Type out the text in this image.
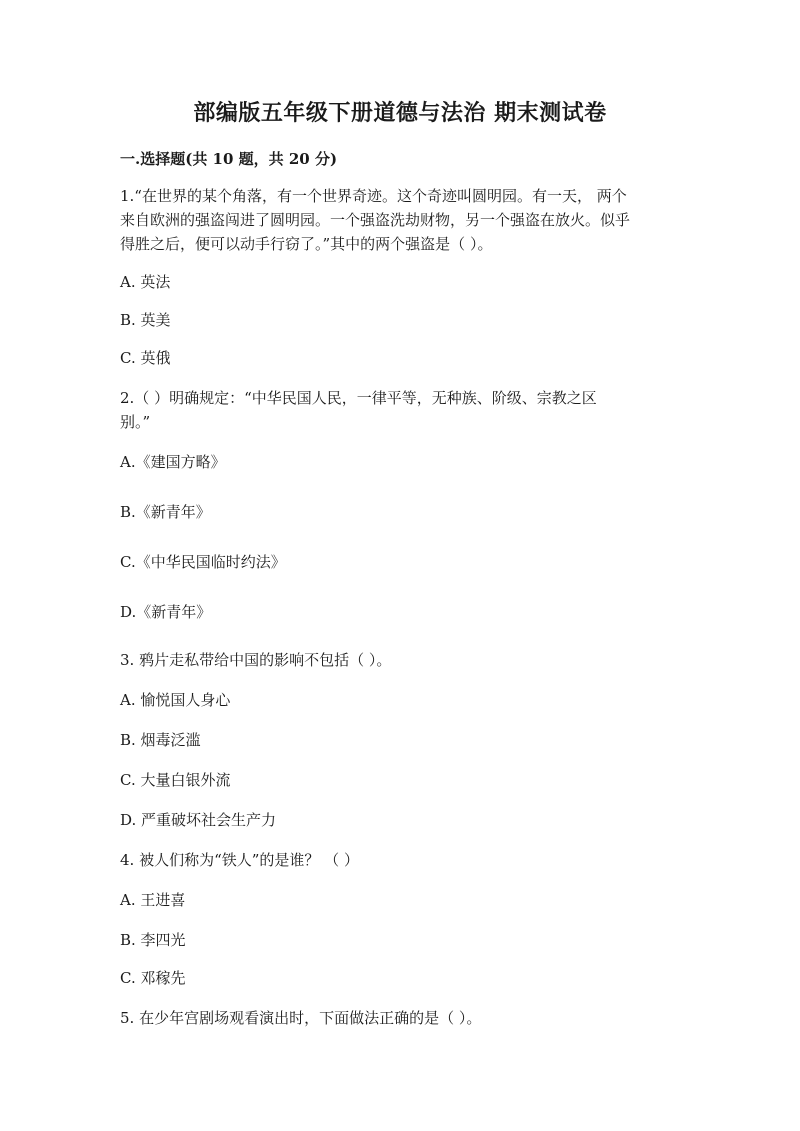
部编版五年级下册道德与法治 期末测试卷
一.选择题(共 10 题，共 20 分)
1.“在世界的某个角落，有一个世界奇迹。这个奇迹叫圆明园。有一天， 两个
来自欧洲的强盗闯进了圆明园。一个强盗洗劫财物，另一个强盗在放火。似乎
得胜之后，便可以动手行窃了。”其中的两个强盗是（ ）。
A. 英法
B. 英美
C. 英俄
2.（ ）明确规定：“中华民国人民，一律平等，无种族、阶级、宗教之区
别。”
A.《建国方略》
B.《新青年》
C.《中华民国临时约法》
D.《新青年》
3. 鸦片走私带给中国的影响不包括（ ）。
A. 愉悦国人身心
B. 烟毒泛滥
C. 大量白银外流
D. 严重破坏社会生产力
4. 被人们称为“铁人”的是谁？ （ ）
A. 王进喜
B. 李四光
C. 邓稼先
5. 在少年宫剧场观看演出时，下面做法正确的是（ ）。
